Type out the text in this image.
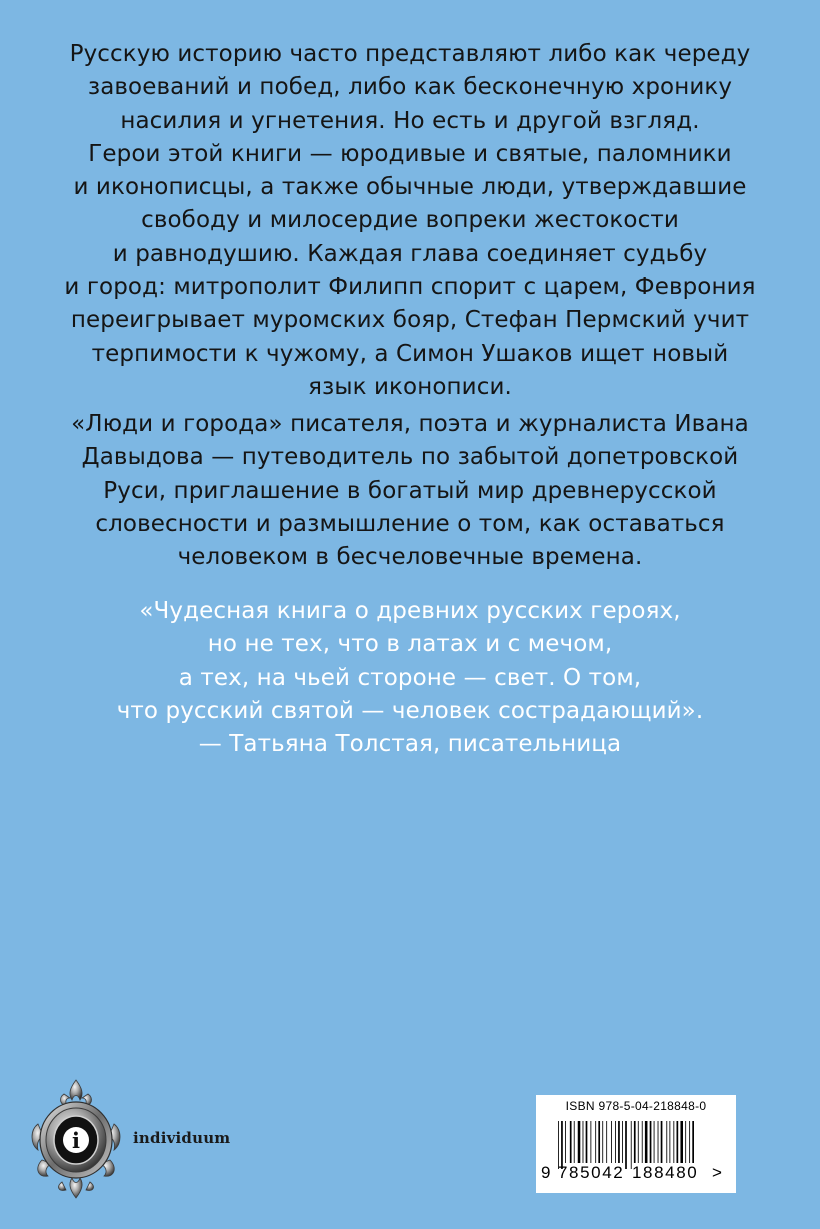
Русскую историю часто представляют либо как череду
завоеваний и побед, либо как бесконечную хронику
насилия и угнетения. Но есть и другой взгляд.
Герои этой книги — юродивые и святые, паломники
и иконописцы, а также обычные люди, утверждавшие
свободу и милосердие вопреки жестокости
и равнодушию. Каждая глава соединяет судьбу
и город: митрополит Филипп спорит с царем, Феврония
переигрывает муромских бояр, Стефан Пермский учит
терпимости к чужому, а Симон Ушаков ищет новый
язык иконописи.
«Люди и города» писателя, поэта и журналиста Ивана
Давыдова — путеводитель по забытой допетровской
Руси, приглашение в богатый мир древнерусской
словесности и размышление о том, как оставаться
человеком в бесчеловечные времена.
«Чудесная книга о древних русских героях,
но не тех, что в латах и с мечом,
а тех, на чьей стороне — свет. О том,
что русский святой — человек сострадающий».
— Татьяна Толстая, писательница
i	individuum
ISBN 978-5-04-218848-0
9 785042 188480 >
